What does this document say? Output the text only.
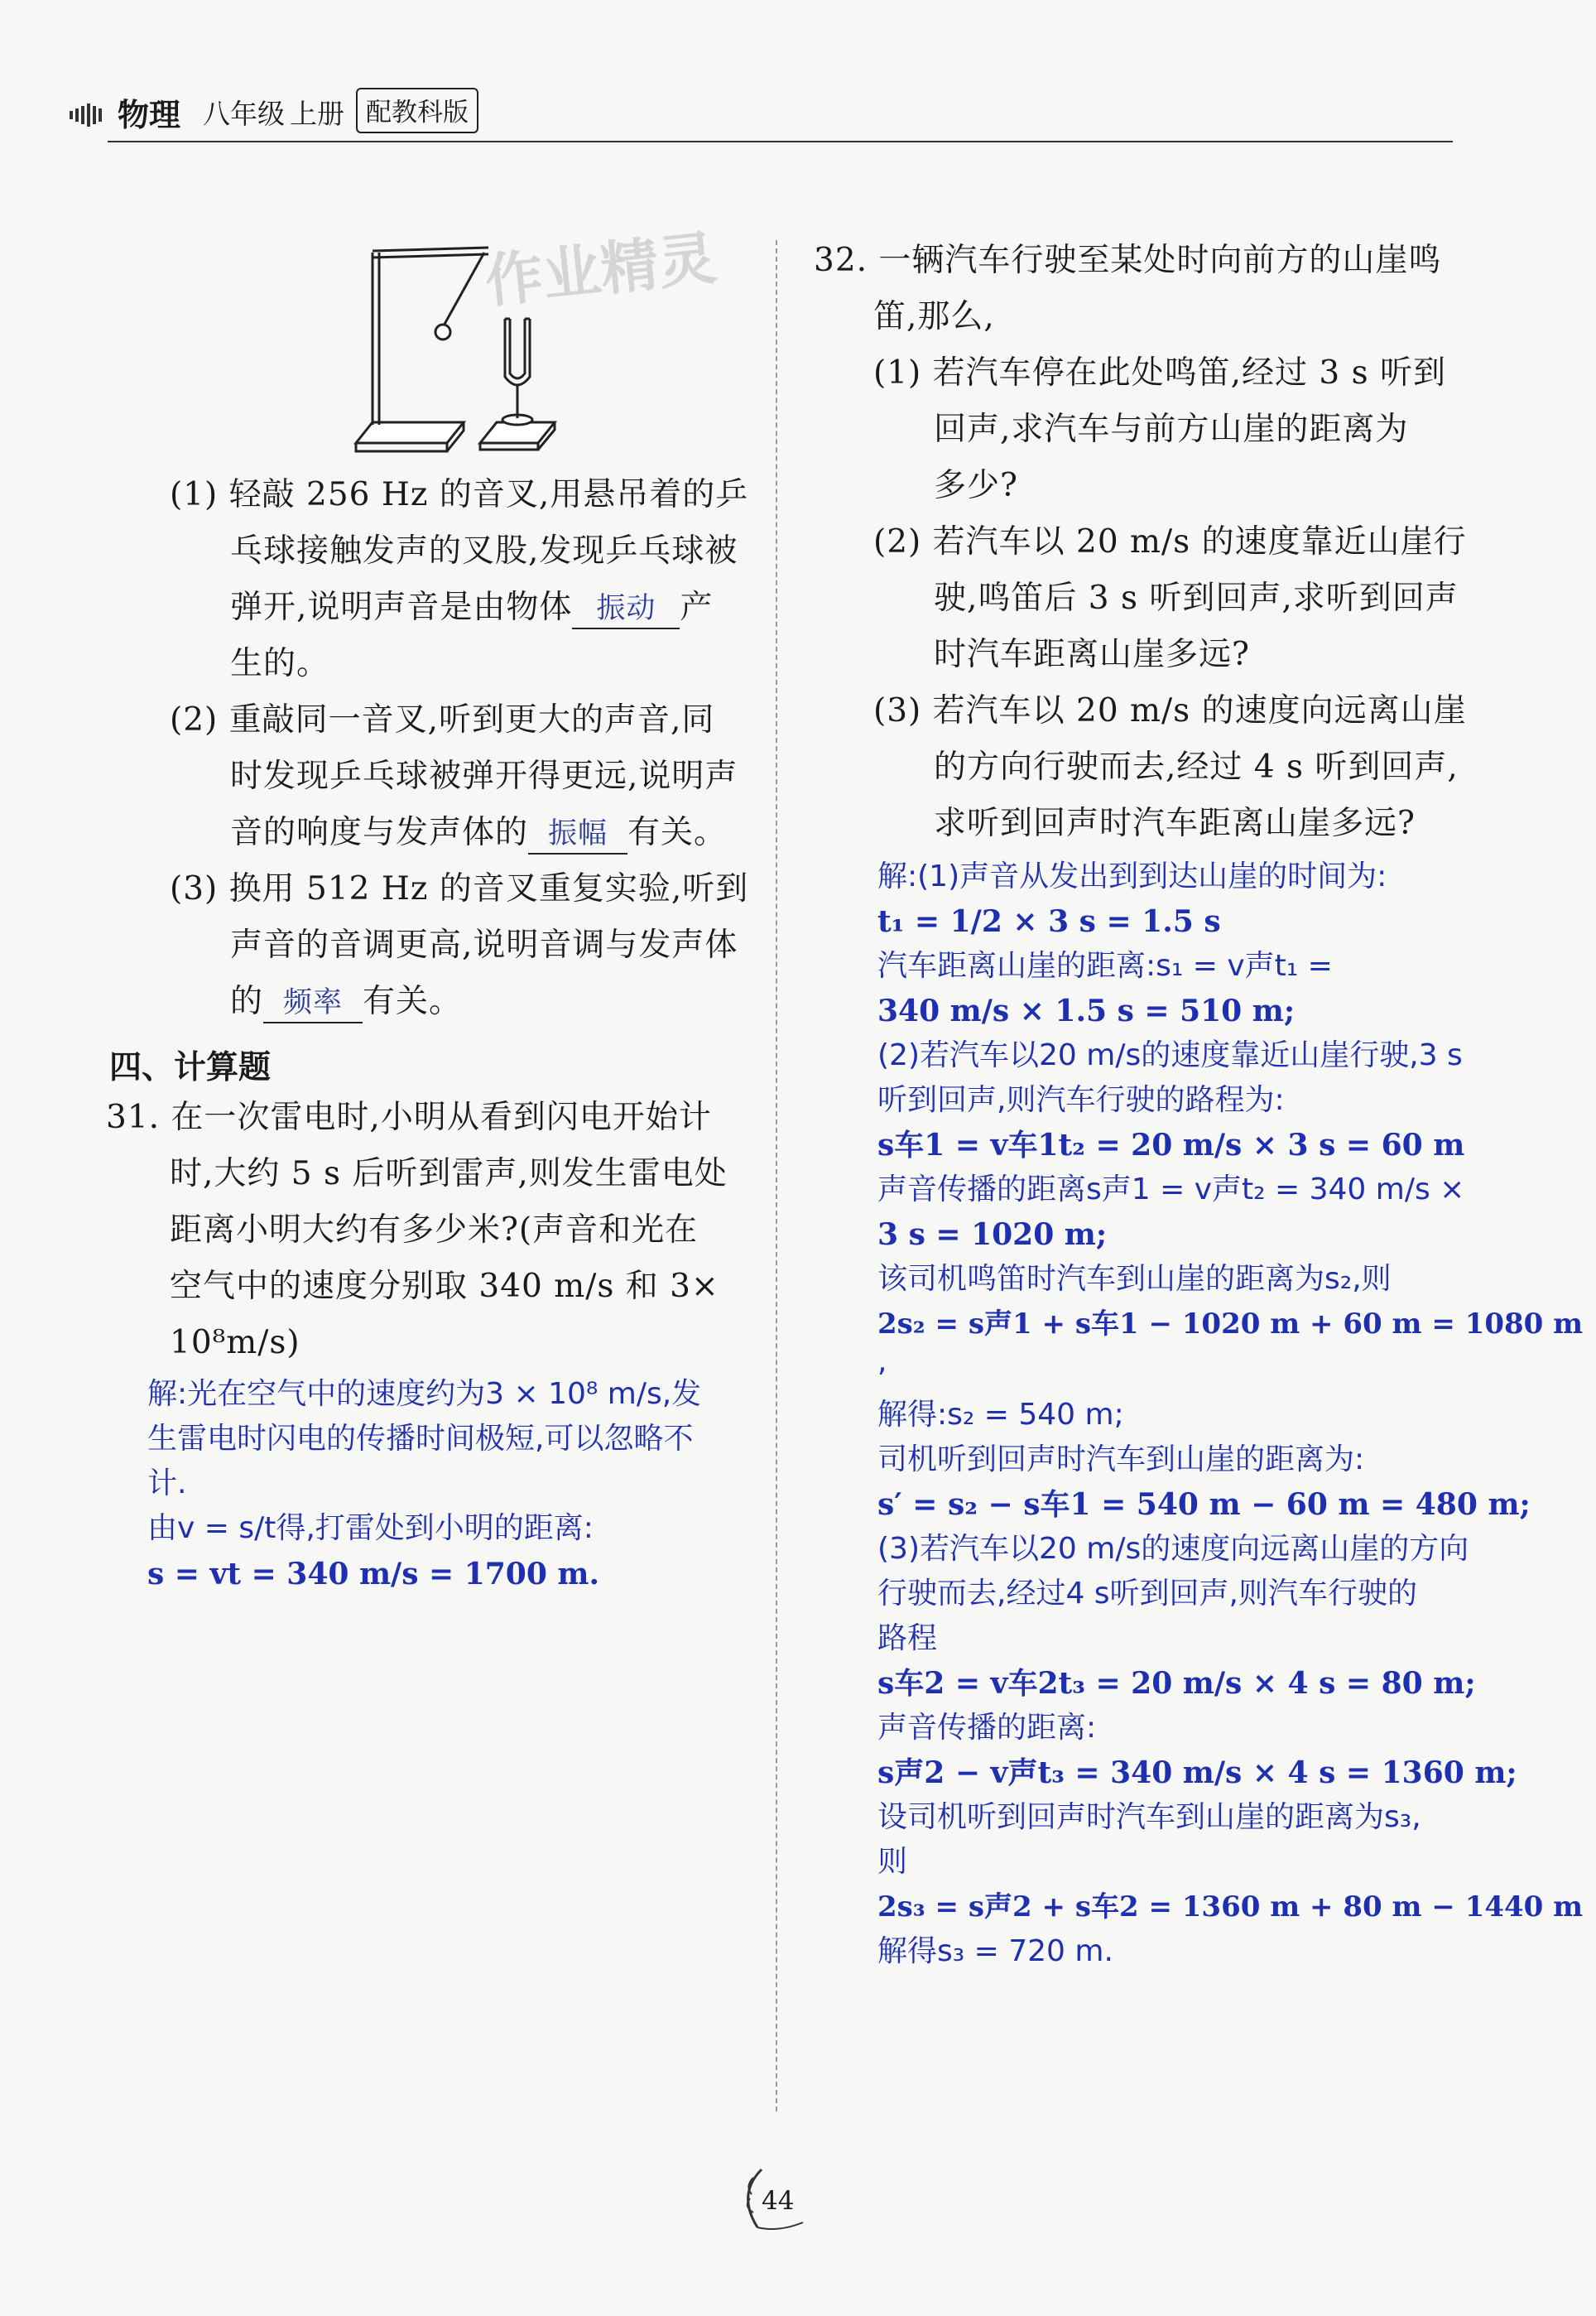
物理 八年级 上册 配教科版
作业精灵
(1) 轻敲 256 Hz 的音叉,用悬吊着的乒
乓球接触发声的叉股,发现乒乓球被
弹开,说明声音是由物体 振动 产
生的。
(2) 重敲同一音叉,听到更大的声音,同
时发现乒乓球被弹开得更远,说明声
音的响度与发声体的 振幅 有关。
(3) 换用 512 Hz 的音叉重复实验,听到
声音的音调更高,说明音调与发声体
的 频率 有关。
四、计算题
31. 在一次雷电时,小明从看到闪电开始计
时,大约 5 s 后听到雷声,则发生雷电处
距离小明大约有多少米?(声音和光在
空气中的速度分别取 340 m/s 和 3×
10⁸m/s)
解:光在空气中的速度约为3 × 10⁸ m/s,发
生雷电时闪电的传播时间极短,可以忽略不
计.
由v = s/t得,打雷处到小明的距离:
s = vt = 340 m/s = 1700 m.
32. 一辆汽车行驶至某处时向前方的山崖鸣
笛,那么,
(1) 若汽车停在此处鸣笛,经过 3 s 听到
回声,求汽车与前方山崖的距离为
多少?
(2) 若汽车以 20 m/s 的速度靠近山崖行
驶,鸣笛后 3 s 听到回声,求听到回声
时汽车距离山崖多远?
(3) 若汽车以 20 m/s 的速度向远离山崖
的方向行驶而去,经过 4 s 听到回声,
求听到回声时汽车距离山崖多远?
解:(1)声音从发出到到达山崖的时间为:
t₁ = 1/2 × 3 s = 1.5 s
汽车距离山崖的距离:s₁ = v声t₁ =
340 m/s × 1.5 s = 510 m;
(2)若汽车以20 m/s的速度靠近山崖行驶,3 s
听到回声,则汽车行驶的路程为:
s车1 = v车1t₂ = 20 m/s × 3 s = 60 m
声音传播的距离s声1 = v声t₂ = 340 m/s ×
3 s = 1020 m;
该司机鸣笛时汽车到山崖的距离为s₂,则
2s₂ = s声1 + s车1 − 1020 m + 60 m = 1080 m
,
解得:s₂ = 540 m;
司机听到回声时汽车到山崖的距离为:
s′ = s₂ − s车1 = 540 m − 60 m = 480 m;
(3)若汽车以20 m/s的速度向远离山崖的方向
行驶而去,经过4 s听到回声,则汽车行驶的
路程
s车2 = v车2t₃ = 20 m/s × 4 s = 80 m;
声音传播的距离:
s声2 − v声t₃ = 340 m/s × 4 s = 1360 m;
设司机听到回声时汽车到山崖的距离为s₃,
则
2s₃ = s声2 + s车2 = 1360 m + 80 m − 1440 m
解得s₃ = 720 m.
44
